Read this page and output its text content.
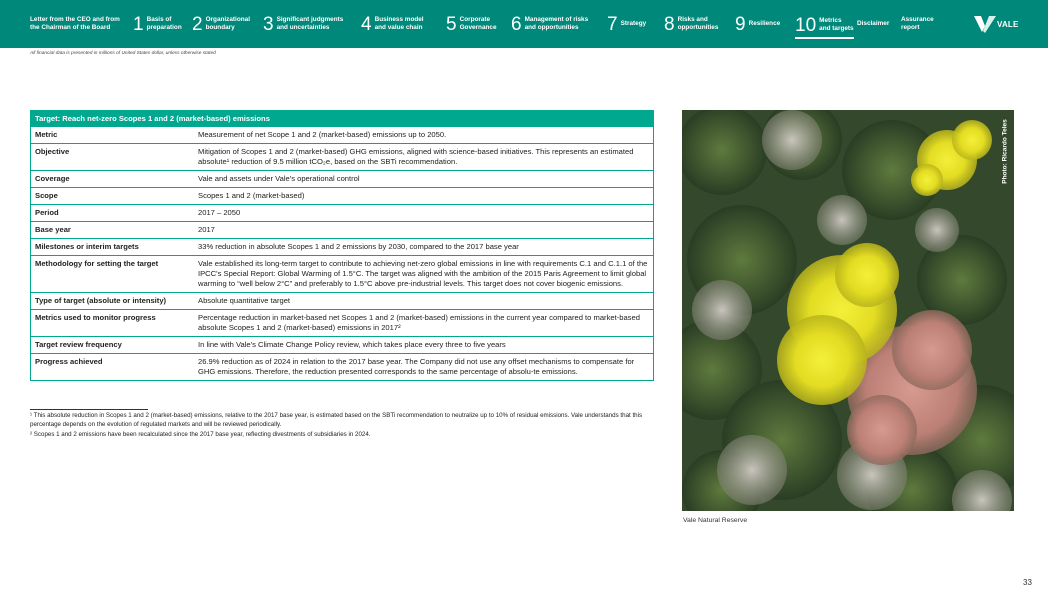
Letter from the CEO and from
the Chairman of the Board	1 Basis of
preparation 2 Organizational
boundary	3 Significant judgments
and uncertainties	4 Business model
and value chain 5 Corporate
Governance 6 Management of risks
and opportunities	7 Strategy 8 Risks and
opportunities 9 Resilience 10 Metrics
and targets
Disclaimer
Assurance
report	VALE
All financial data is presented in millions of United States dollar, unless otherwise stated
Target: Reach net-zero Scopes 1 and 2 (market-based) emissions
Metric	Measurement of net Scope 1 and 2 (market-based) emissions up to 2050.
Objective	Mitigation of Scopes 1 and 2 (market-based) GHG emissions, aligned with science-based initiatives. This represents an estimated absolute¹ reduction of 9.5 million tCO₂e, based on the SBTi recommendation.
Coverage	Vale and assets under Vale's operational control
Scope	Scopes 1 and 2 (market-based)
Period	2017 – 2050
Base year	2017
Milestones or interim targets	33% reduction in absolute Scopes 1 and 2 emissions by 2030, compared to the 2017 base year
Methodology for setting the target	Vale established its long-term target to contribute to achieving net-zero global emissions in line with requirements C.1 and C.1.1 of the IPCC's Special Report: Global Warming of 1.5°C. The target was aligned with the ambition of the 2015 Paris Agreement to limit global warming to “well below 2°C” and preferably to 1.5°C above pre-industrial levels. This target does not cover biogenic emissions.
Type of target (absolute or intensity)	Absolute quantitative target
Metrics used to monitor progress	Percentage reduction in market-based net Scopes 1 and 2 (market-based) emissions in the current year compared to market-based absolute Scopes 1 and 2 (market-based) emissions in 2017²
Target review frequency	In line with Vale's Climate Change Policy review, which takes place every three to five years
Progress achieved	26.9% reduction as of 2024 in relation to the 2017 base year. The Company did not use any offset mechanisms to compensate for GHG emissions. Therefore, the reduction presented corresponds to the same percentage of absolu-te emissions.
¹ This absolute reduction in Scopes 1 and 2 (market-based) emissions, relative to the 2017 base year, is estimated based on the SBTi recommendation to neutralize up to 10% of residual emissions. Vale understands that this percentage depends on the evolution of regulated markets and will be reviewed periodically.
² Scopes 1 and 2 emissions have been recalculated since the 2017 base year, reflecting divestments of subsidiaries in 2024.
Photo: Ricardo Teles
Vale Natural Reserve
33
